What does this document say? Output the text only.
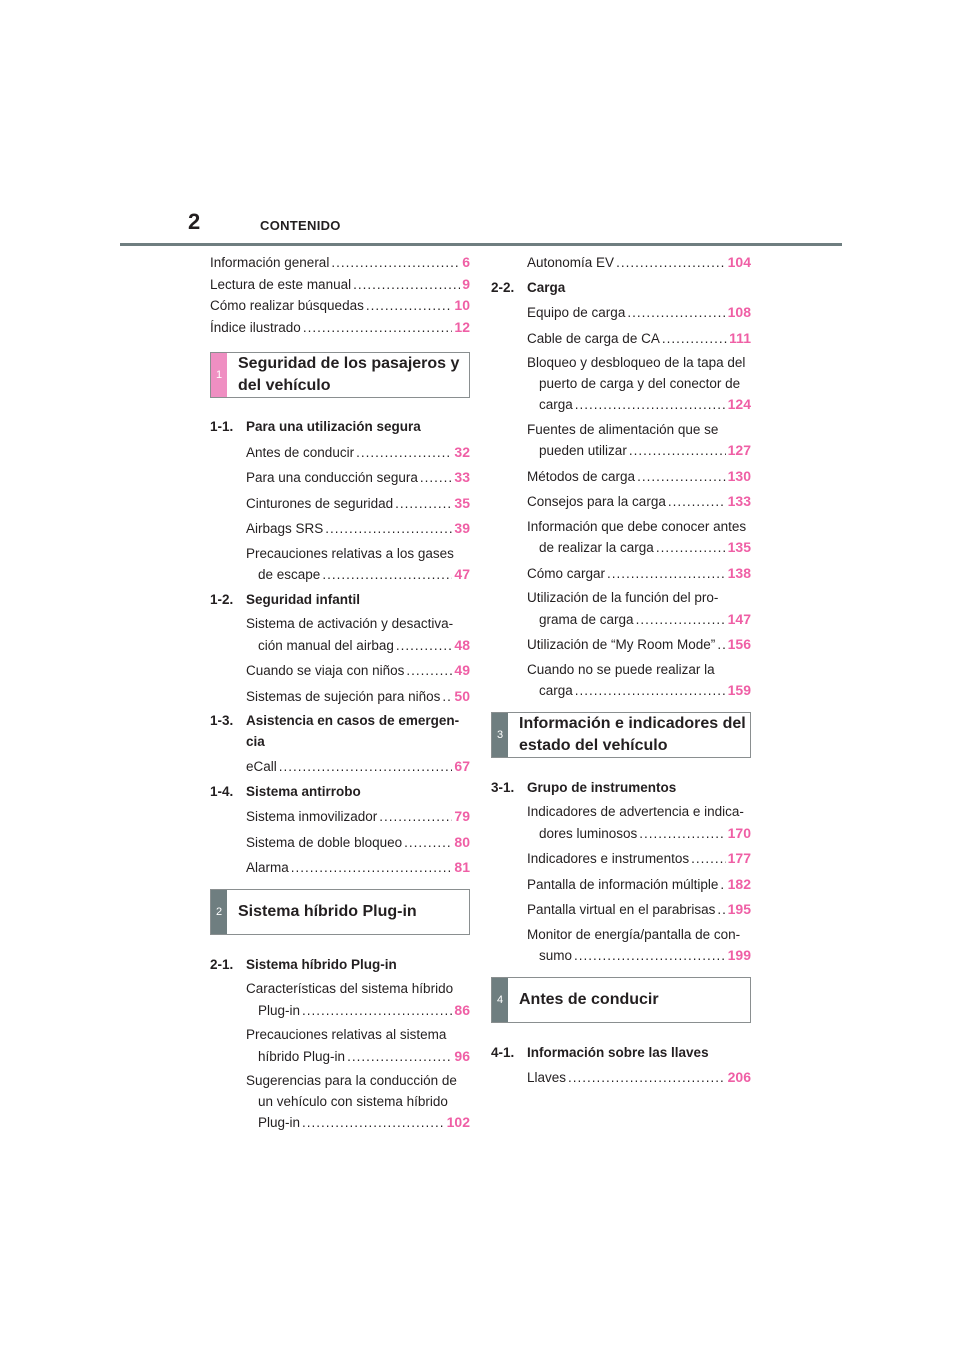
2	CONTENIDO
Información general .....	6
Lectura de este manual .....	9
Cómo realizar búsquedas .....	10
Índice ilustrado .....	12
1
Seguridad de los pasajeros y del vehículo
1-1. Para una utilización segura
Antes de conducir .....	32
Para una conducción segura .....	33
Cinturones de seguridad .....	35
Airbags SRS .....	39
Precauciones relativas a los gases
de escape .....	47
1-2. Seguridad infantil
Sistema de activación y desactiva-
ción manual del airbag .....	48
Cuando se viaja con niños .....	49
Sistemas de sujeción para niños ..... 50
1-3. Asistencia en casos de emergen-cia
eCall .....	67
1-4. Sistema antirrobo
Sistema inmovilizador .....	79
Sistema de doble bloqueo .....	80
Alarma .....	81
2 Sistema híbrido Plug-in
2-1. Sistema híbrido Plug-in
Características del sistema híbrido
Plug-in .....	86
Precauciones relativas al sistema
híbrido Plug-in .....	96
Sugerencias para la conducción de
un vehículo con sistema híbrido
Plug-in .....	102
Autonomía EV .....	104
2-2. Carga
Equipo de carga .....	108
Cable de carga de CA .....	111
Bloqueo y desbloqueo de la tapa del
puerto de carga y del conector de
carga .....	124
Fuentes de alimentación que se
pueden utilizar .....	127
Métodos de carga .....	130
Consejos para la carga .....	133
Información que debe conocer antes
de realizar la carga .....	135
Cómo cargar .....	138
Utilización de la función del pro-
grama de carga .....	147
Utilización de “My Room Mode” ..... 156
Cuando no se puede realizar la
carga .....	159
3
Información e indicadores del estado del vehículo
3-1. Grupo de instrumentos
Indicadores de advertencia e indica-
dores luminosos .....	170
Indicadores e instrumentos .....	177
Pantalla de información múltiple ..... 182
Pantalla virtual en el parabrisas ..... 195
Monitor de energía/pantalla de con-
sumo .....	199
4 Antes de conducir
4-1. Información sobre las llaves
Llaves .....	206
